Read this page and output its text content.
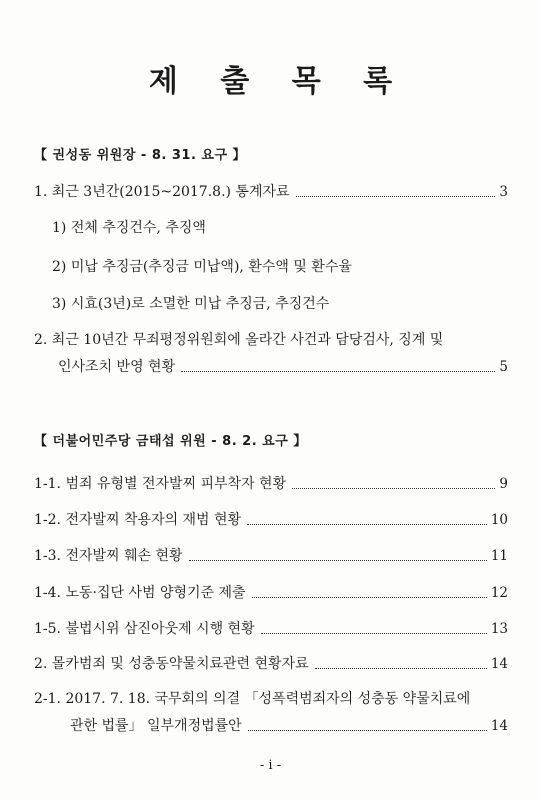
제 출 목 록
【 권성동 위원장 - 8. 31. 요구 】
1. 최근 3년간(2015~2017.8.) 통계자료	3
1) 전체 추징건수, 추징액
2) 미납 추징금(추징금 미납액), 환수액 및 환수율
3) 시효(3년)로 소멸한 미납 추징금, 추징건수
2. 최근 10년간 무죄평정위원회에 올라간 사건과 담당검사, 징계 및
인사조치 반영 현황	5
【 더불어민주당 금태섭 위원 - 8. 2. 요구 】
1-1. 범죄 유형별 전자발찌 피부착자 현황	9
1-2. 전자발찌 착용자의 재범 현황	10
1-3. 전자발찌 훼손 현황	11
1-4. 노동·집단 사범 양형기준 제출	12
1-5. 불법시위 삼진아웃제 시행 현황	13
2. 몰카범죄 및 성충동약물치료관련 현황자료	14
2-1. 2017. 7. 18. 국무회의 의결 「성폭력범죄자의 성충동 약물치료에
관한 법률」 일부개정법률안	14
- i -
